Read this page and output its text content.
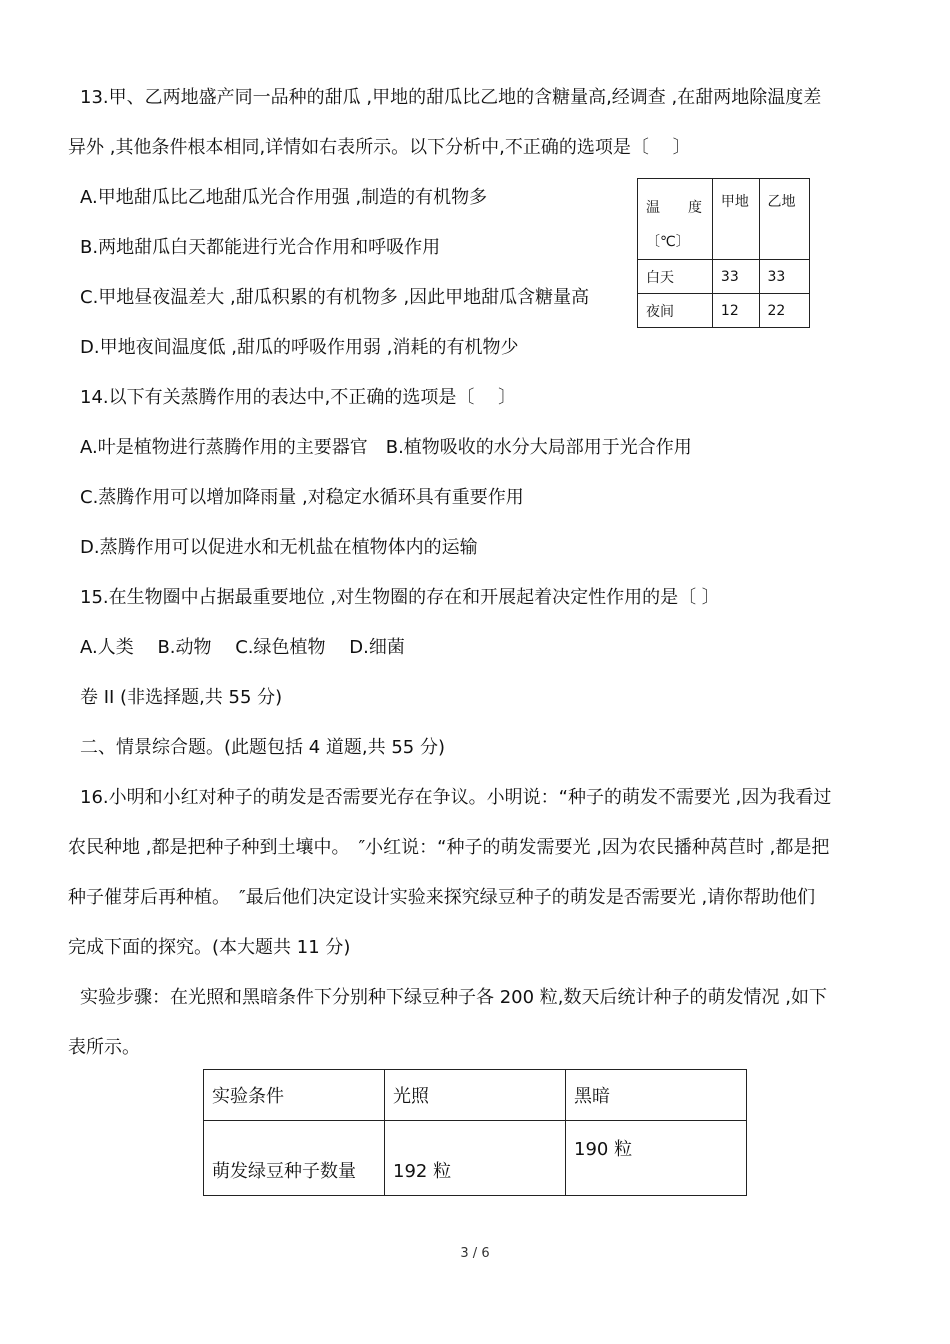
13.甲、乙两地盛产同一品种的甜瓜 ,甲地的甜瓜比乙地的含糖量高,经调查 ,在甜两地除温度差
异外 ,其他条件根本相同,详情如右表所示。以下分析中,不正确的选项是〔　 〕
A.甲地甜瓜比乙地甜瓜光合作用强 ,制造的有机物多
B.两地甜瓜白天都能进行光合作用和呼吸作用
C.甲地昼夜温差大 ,甜瓜积累的有机物多 ,因此甲地甜瓜含糖量高
D.甲地夜间温度低 ,甜瓜的呼吸作用弱 ,消耗的有机物少
温　　度
〔℃〕	甲地	乙地
白天	33	33
夜间	12	22
14.以下有关蒸腾作用的表达中,不正确的选项是〔　 〕
A.叶是植物进行蒸腾作用的主要器官　B.植物吸收的水分大局部用于光合作用
C.蒸腾作用可以增加降雨量 ,对稳定水循环具有重要作用
D.蒸腾作用可以促进水和无机盐在植物体内的运输
15.在生物圈中占据最重要地位 ,对生物圈的存在和开展起着决定性作用的是〔 〕
A.人类　 B.动物　 C.绿色植物　 D.细菌
卷 II (非选择题,共 55 分)
二、情景综合题。(此题包括 4 道题,共 55 分)
16.小明和小红对种子的萌发是否需要光存在争议。小明说：“种子的萌发不需要光 ,因为我看过
农民种地 ,都是把种子种到土壤中。　″小红说：“种子的萌发需要光 ,因为农民播种莴苣时 ,都是把
种子催芽后再种植。　″最后他们决定设计实验来探究绿豆种子的萌发是否需要光 ,请你帮助他们
完成下面的探究。(本大题共 11 分)
实验步骤：在光照和黑暗条件下分别种下绿豆种子各 200 粒,数天后统计种子的萌发情况 ,如下
表所示。
实验条件	光照	黑暗
萌发绿豆种子数量	192 粒	190 粒
3 / 6
